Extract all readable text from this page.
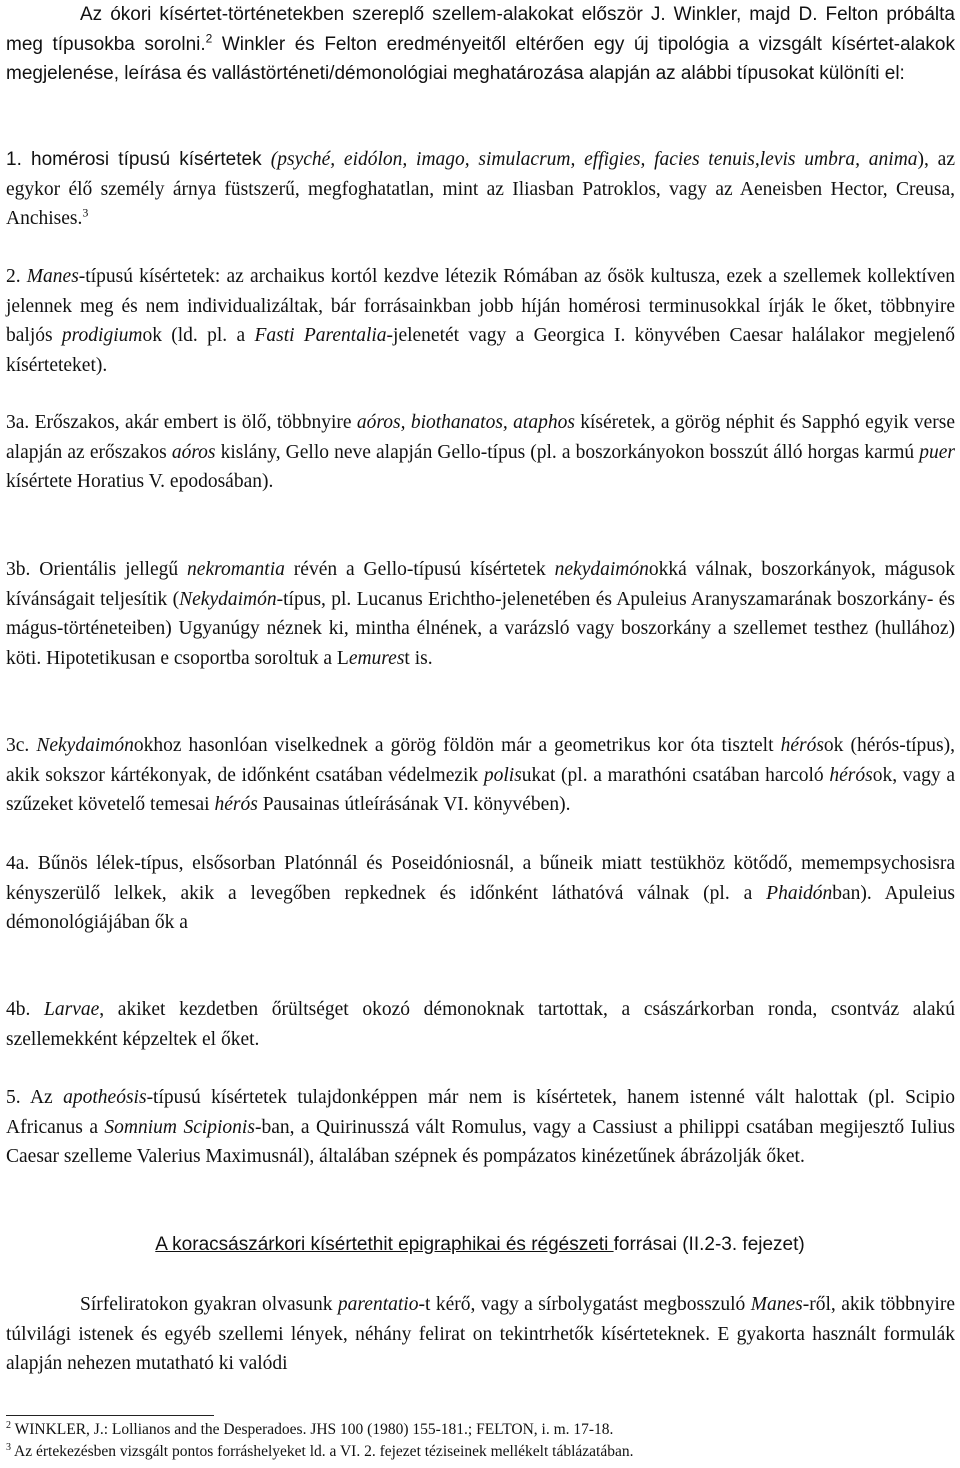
Az ókori kísértet-történetekben szereplő szellem-alakokat először J. Winkler, majd D. Felton próbálta meg típusokba sorolni.$^2$ Winkler és Felton eredményeitől eltérően egy új tipológia a vizsgált kísértet-alakok megjelenése, leírása és vallástörténeti/démonológiai meghatározása alapján az alábbi típusokat különíti el:

1. homérosi típusú kísértetek (psyché, eidólon, imago, simulacrum, effigies, facies tenuis,levis umbra, anima), az egykor élő személy árnya füstszerű, megfoghatatlan, mint az Iliasban Patroklos, vagy az Aeneisben Hector, Creusa, Anchises.$^3$

2. Manes-típusú kísértetek: az archaikus kortól kezdve létezik Rómában az ősök kultusza, ezek a szellemek kollektíven jelennek meg és nem individualizáltak, bár forrásainkban jobb híján homérosi terminusokkal írják le őket, többnyire baljós prodigiumok (ld. pl. a Fasti Parentalia-jelenetét vagy a Georgica I. könyvében Caesar halálakor megjelenő kísérteteket).

3a. Erőszakos, akár embert is ölő, többnyire aóros, biothanatos, ataphos kíséretek, a görög néphit és Sapphó egyik verse alapján az erőszakos aóros kislány, Gello neve alapján Gello-típus (pl. a boszorkányokon bosszút álló horgas karmú puer kísértete Horatius V. epodosában).

3b. Orientális jellegű nekromantia révén a Gello-típusú kísértetek nekydaimónokká válnak, boszorkányok, mágusok kívánságait teljesítik (Nekydaimón-típus, pl. Lucanus Erichtho-jelenetében és Apuleius Aranyszamarának boszorkány- és mágus-történeteiben) Ugyanúgy néznek ki, mintha élnének, a varázsló vagy boszorkány a szellemet testhez (hullához) köti. Hipotetikusan e csoportba soroltuk a Lemurest is.

3c. Nekydaimónokhoz hasonlóan viselkednek a görög földön már a geometrikus kor óta tisztelt hérósok (hérós-típus), akik sokszor kártékonyak, de időnként csatában védelmezik polisukat (pl. a marathóni csatában harcoló hérósok, vagy a szűzeket követelő temesai hérós Pausainas útleírásának VI. könyvében).

4a. Bűnös lélek-típus, elsősorban Platónnál és Poseidóniosnál, a bűneik miatt testükhöz kötődő, memempsychosisra kényszerülő lelkek, akik a levegőben repkednek és időnként láthatóvá válnak (pl. a Phaidónban). Apuleius démonológiájában ők a

4b. Larvae, akiket kezdetben őrültséget okozó démonoknak tartottak, a császárkorban ronda, csontváz alakú szellemekként képzeltek el őket.

5. Az apotheósis-típusú kísértetek tulajdonképpen már nem is kísértetek, hanem istenné vált halottak (pl. Scipio Africanus a Somnium Scipionis-ban, a Quirinusszá vált Romulus, vagy a Cassiust a philippi csatában megijesztő Iulius Caesar szelleme Valerius Maximusnál), általában szépnek és pompázatos kinézetűnek ábrázolják őket.

A koracsászárkori kísértethit epigraphikai és régészeti forrásai (II.2-3. fejezet)

Sírfeliratokon gyakran olvasunk parentatio-t kérő, vagy a sírbolygatást megbosszuló Manes-ről, akik többnyire túlvilági istenek és egyéb szellemi lények, néhány felirat on tekintrhetők kísérteteknek. E gyakorta használt formulák alapján nehezen mutatható ki valódi

$^2$ WINKLER, J.: Lollianos and the Desperadoes. JHS 100 (1980) 155-181.; FELTON, i. m. 17-18.

$^3$ Az értekezésben vizsgált pontos forráshelyeket ld. a VI. 2. fejezet téziseinek mellékelt táblázatában.
